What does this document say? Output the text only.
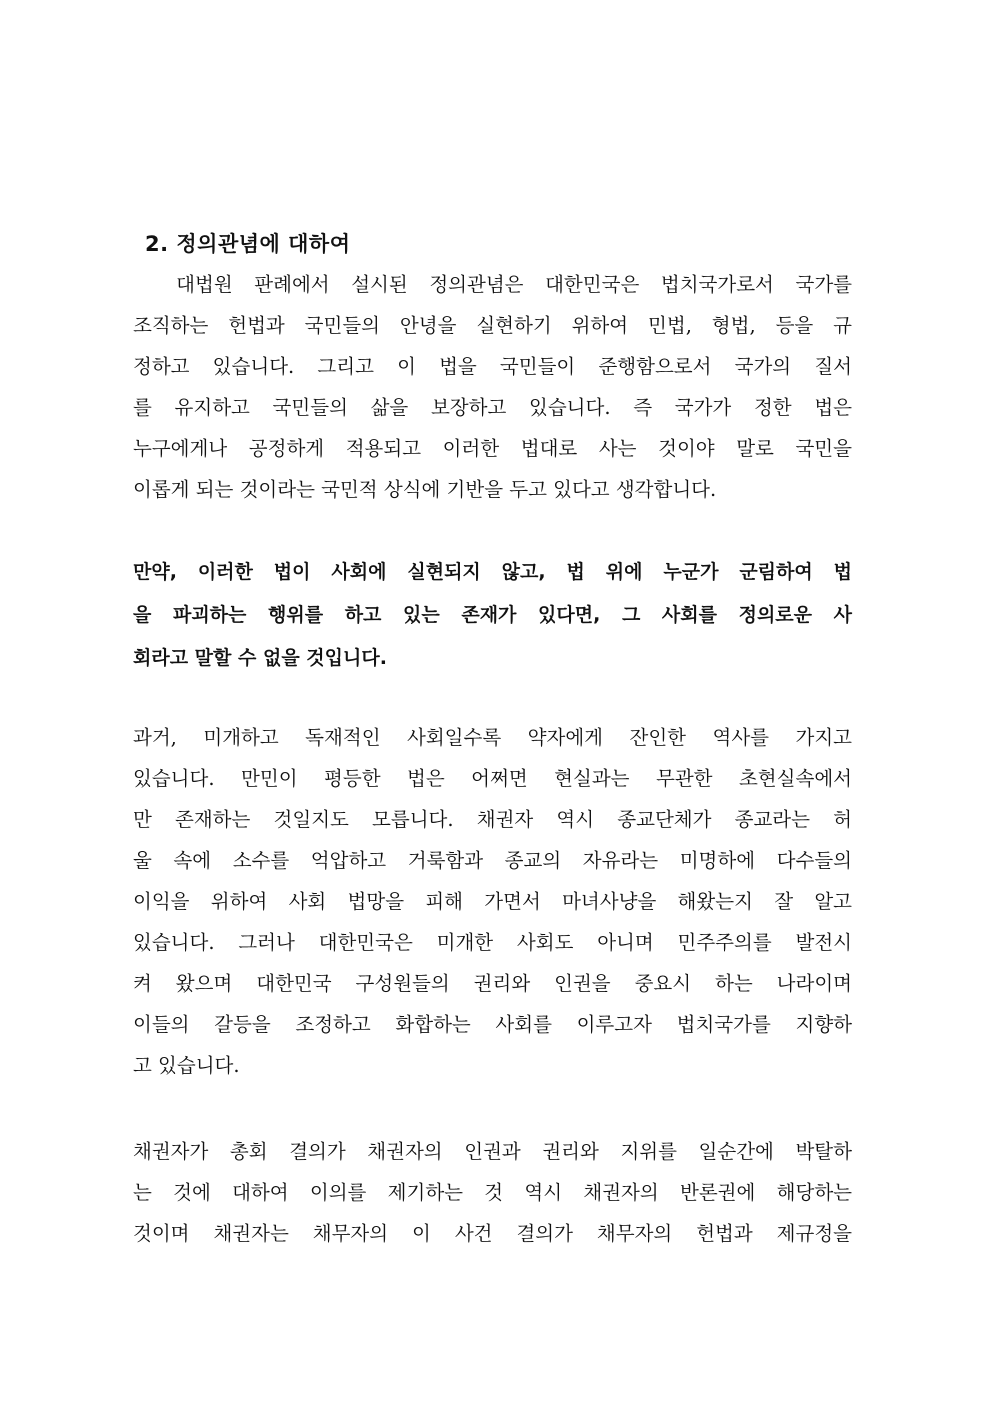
2. 정의관념에 대하여
대법원 판례에서 설시된 정의관념은 대한민국은 법치국가로서 국가를
조직하는 헌법과 국민들의 안녕을 실현하기 위하여 민법, 형법, 등을 규
정하고 있습니다. 그리고 이 법을 국민들이 준행함으로서 국가의 질서
를 유지하고 국민들의 삶을 보장하고 있습니다. 즉 국가가 정한 법은
누구에게나 공정하게 적용되고 이러한 법대로 사는 것이야 말로 국민을
이롭게 되는 것이라는 국민적 상식에 기반을 두고 있다고 생각합니다.
만약, 이러한 법이 사회에 실현되지 않고, 법 위에 누군가 군림하여 법
을 파괴하는 행위를 하고 있는 존재가 있다면, 그 사회를 정의로운 사
회라고 말할 수 없을 것입니다.
과거, 미개하고 독재적인 사회일수록 약자에게 잔인한 역사를 가지고
있습니다. 만민이 평등한 법은 어쩌면 현실과는 무관한 초현실속에서
만 존재하는 것일지도 모릅니다. 채권자 역시 종교단체가 종교라는 허
울 속에 소수를 억압하고 거룩함과 종교의 자유라는 미명하에 다수들의
이익을 위하여 사회 법망을 피해 가면서 마녀사냥을 해왔는지 잘 알고
있습니다. 그러나 대한민국은 미개한 사회도 아니며 민주주의를 발전시
켜 왔으며 대한민국 구성원들의 권리와 인권을 중요시 하는 나라이며
이들의 갈등을 조정하고 화합하는 사회를 이루고자 법치국가를 지향하
고 있습니다.
채권자가 총회 결의가 채권자의 인권과 권리와 지위를 일순간에 박탈하
는 것에 대하여 이의를 제기하는 것 역시 채권자의 반론권에 해당하는
것이며 채권자는 채무자의 이 사건 결의가 채무자의 헌법과 제규정을
